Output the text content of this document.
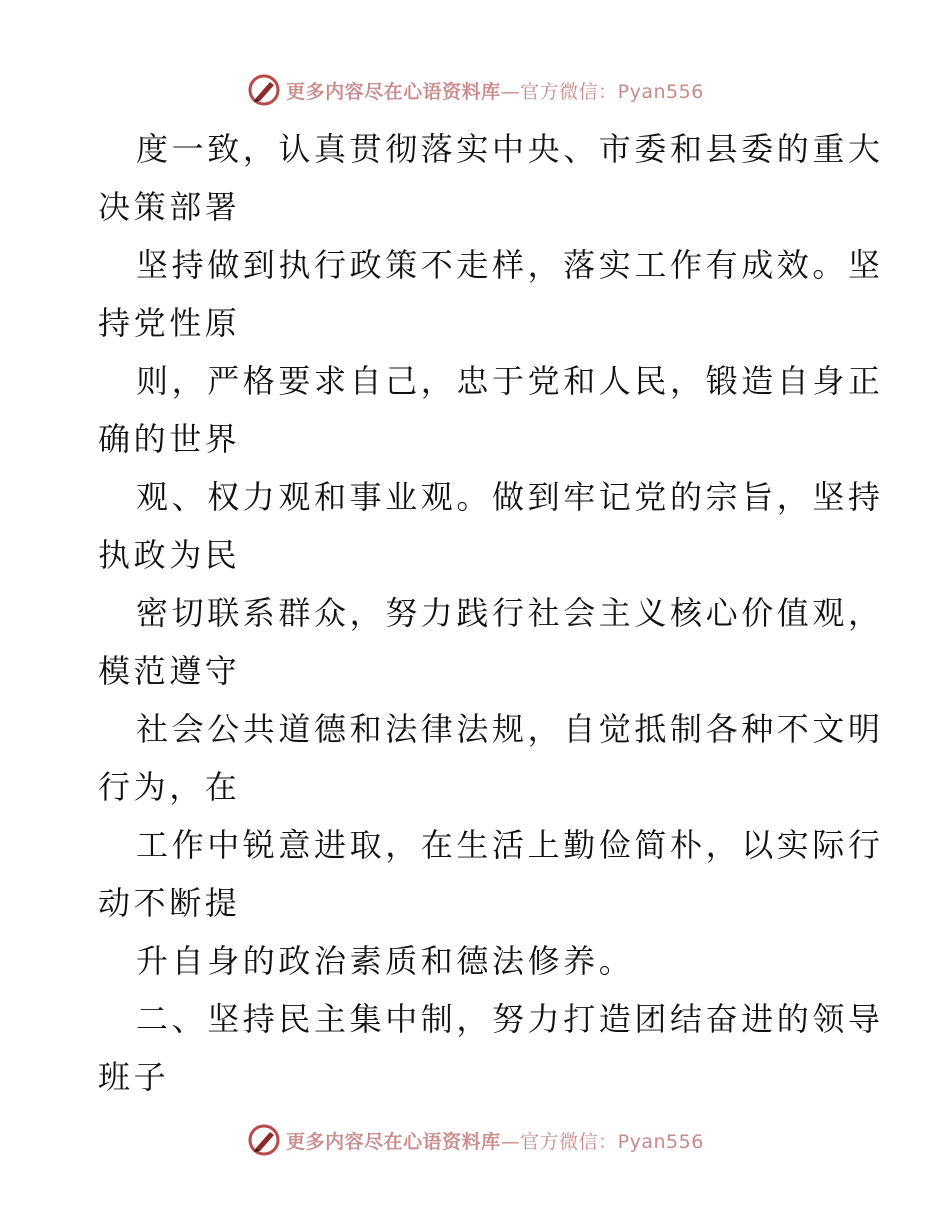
更多内容尽在心语资料库—官方微信：Pyan556
度一致，认真贯彻落实中央、市委和县委的重大
决策部署
坚持做到执行政策不走样，落实工作有成效。坚
持党性原
则，严格要求自己，忠于党和人民，锻造自身正
确的世界
观、权力观和事业观。做到牢记党的宗旨，坚持
执政为民
密切联系群众，努力践行社会主义核心价值观，
模范遵守
社会公共道德和法律法规，自觉抵制各种不文明
行为，在
工作中锐意进取，在生活上勤俭简朴，以实际行
动不断提
升自身的政治素质和德法修养。
二、坚持民主集中制，努力打造团结奋进的领导
班子
更多内容尽在心语资料库—官方微信：Pyan556
